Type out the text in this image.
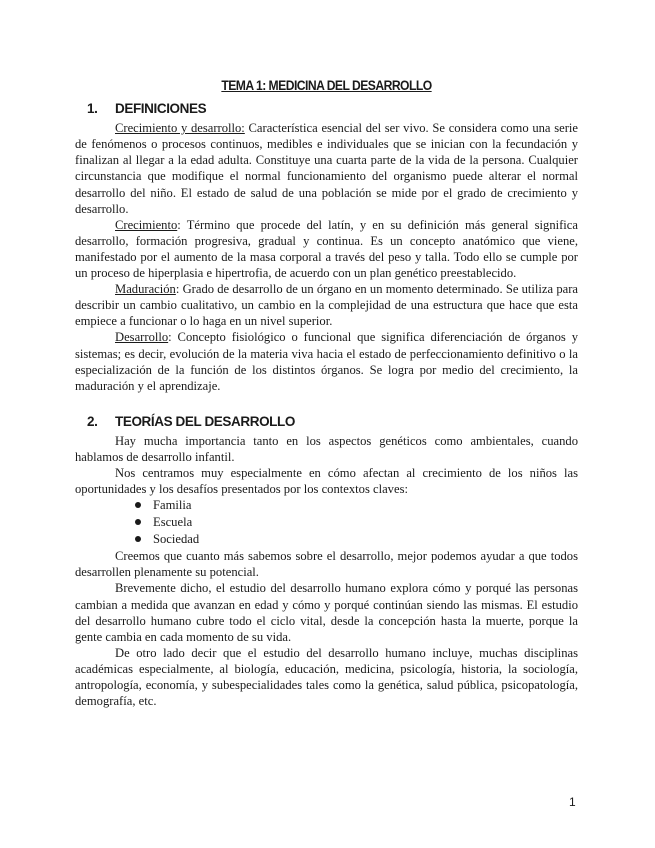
TEMA 1: MEDICINA DEL DESARROLLO
1.	DEFINICIONES

Crecimiento y desarrollo: Característica esencial del ser vivo. Se considera como una serie de fenómenos o procesos continuos, medibles e individuales que se inician con la fecundación y finalizan al llegar a la edad adulta. Constituye una cuarta parte de la vida de la persona. Cualquier circunstancia que modifique el normal funcionamiento del organismo puede alterar el normal desarrollo del niño. El estado de salud de una población se mide por el grado de crecimiento y desarrollo.

Crecimiento: Término que procede del latín, y en su definición más general significa desarrollo, formación progresiva, gradual y continua. Es un concepto anatómico que viene, manifestado por el aumento de la masa corporal a través del peso y talla. Todo ello se cumple por un proceso de hiperplasia e hipertrofia, de acuerdo con un plan genético preestablecido.

Maduración: Grado de desarrollo de un órgano en un momento determinado. Se utiliza para describir un cambio cualitativo, un cambio en la complejidad de una estructura que hace que esta empiece a funcionar o lo haga en un nivel superior.

Desarrollo: Concepto fisiológico o funcional que significa diferenciación de órganos y sistemas; es decir, evolución de la materia viva hacia el estado de perfeccionamiento definitivo o la especialización de la función de los distintos órganos. Se logra por medio del crecimiento, la maduración y el aprendizaje.

2.	TEORÍAS DEL DESARROLLO

Hay mucha importancia tanto en los aspectos genéticos como ambientales, cuando hablamos de desarrollo infantil.

Nos centramos muy especialmente en cómo afectan al crecimiento de los niños las oportunidades y los desafíos presentados por los contextos claves:

Familia
Escuela
Sociedad

Creemos que cuanto más sabemos sobre el desarrollo, mejor podemos ayudar a que todos desarrollen plenamente su potencial.

Brevemente dicho, el estudio del desarrollo humano explora cómo y porqué las personas cambian a medida que avanzan en edad y cómo y porqué continúan siendo las mismas. El estudio del desarrollo humano cubre todo el ciclo vital, desde la concepción hasta la muerte, porque la gente cambia en cada momento de su vida.

De otro lado decir que el estudio del desarrollo humano incluye, muchas disciplinas académicas especialmente, al biología, educación, medicina, psicología, historia, la sociología, antropología, economía, y subespecialidades tales como la genética, salud pública, psicopatología, demografía, etc.

1
